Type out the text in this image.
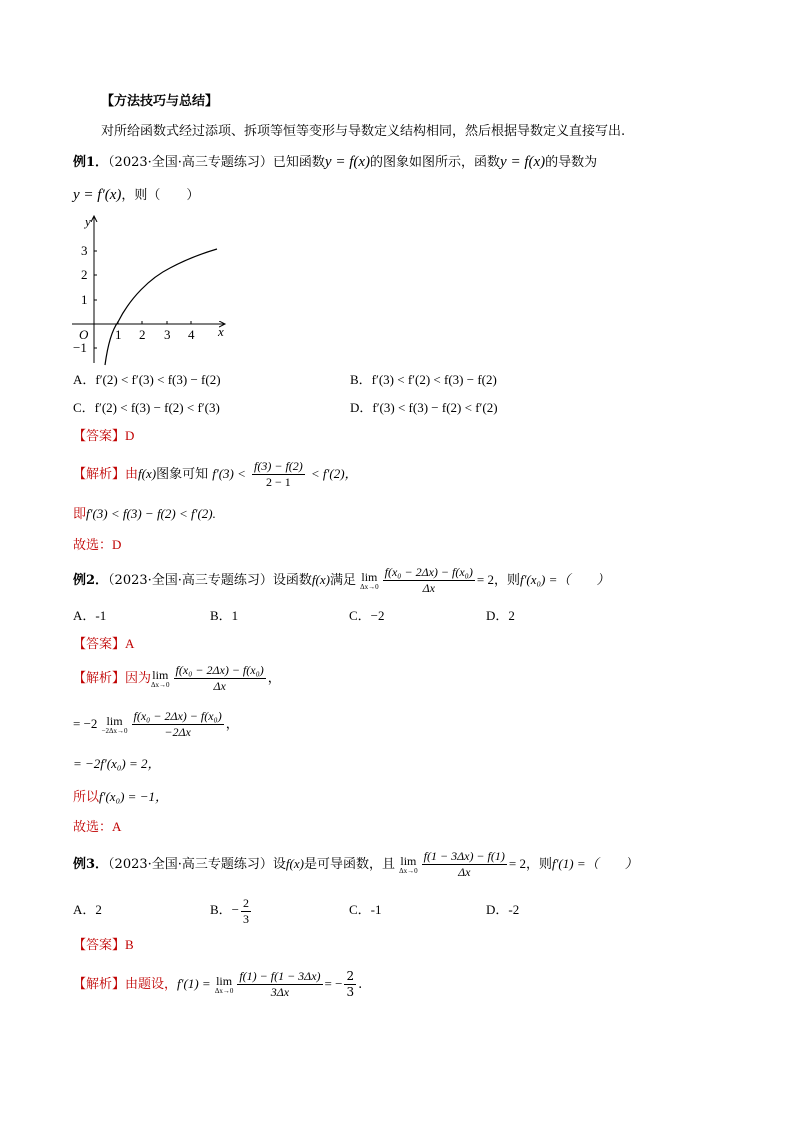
【方法技巧与总结】
对所给函数式经过添项、拆项等恒等变形与导数定义结构相同，然后根据导数定义直接写出.
例1．（2023·全国·高三专题练习）已知函数y = f(x)的图象如图所示，函数y = f(x)的导数为
y = f′(x)，则（　　）
y
x
O 1 2 3 4
3
2
1
−1
A．f′(2) < f′(3) < f(3) − f(2)	B．f′(3) < f′(2) < f(3) − f(2)
C．f′(2) < f(3) − f(2) < f′(3)	D．f′(3) < f(3) − f(2) < f′(2)
【答案】D
【解析】由f(x)图象可知 $f'(3) < \frac{f(3) - f(2)}{2 - 1} < f'(2)$，
即f′(3) < f(3) − f(2) < f′(2).
故选：D
例2．（2023·全国·高三专题练习）设函数f(x)满足 lim
$\Delta x\to 0 \frac{\text{f(x₀ − 2Δx) − f(x₀)}}{\Delta x} = 2$，则f′(x₀) =（　　）
A．-1	B．1	C．−2	D．2
【答案】A
【解析】因为 lim
$\Delta x\to 0 \frac{\text{f(x₀ − 2Δx) − f(x₀)}}{\Delta x}$ ，
= −2 lim
$-2\Delta x\to 0 \frac{\text{f(x₀ − 2Δx) − f(x₀)}}{-2\Delta x}$ ，
= −2f′(x₀) = 2，
所以f′(x₀) = −1，
故选：A
例3．（2023·全国·高三专题练习）设f(x)是可导函数，且 lim
$\Delta x\to 0 \frac{f(1 - 3\Delta x) - f(1)}{\Delta x} = 2$，则f′(1) =（　　）
A．2	B．− $\frac{2}{3}$	C．-1	D．-2
【答案】B
【解析】由题设，f′(1) = lim
$\Delta x\to 0 \frac{f(1) - f(1 - 3\Delta x)}{3\Delta x}$ = − $\frac{2}{3}$ .
